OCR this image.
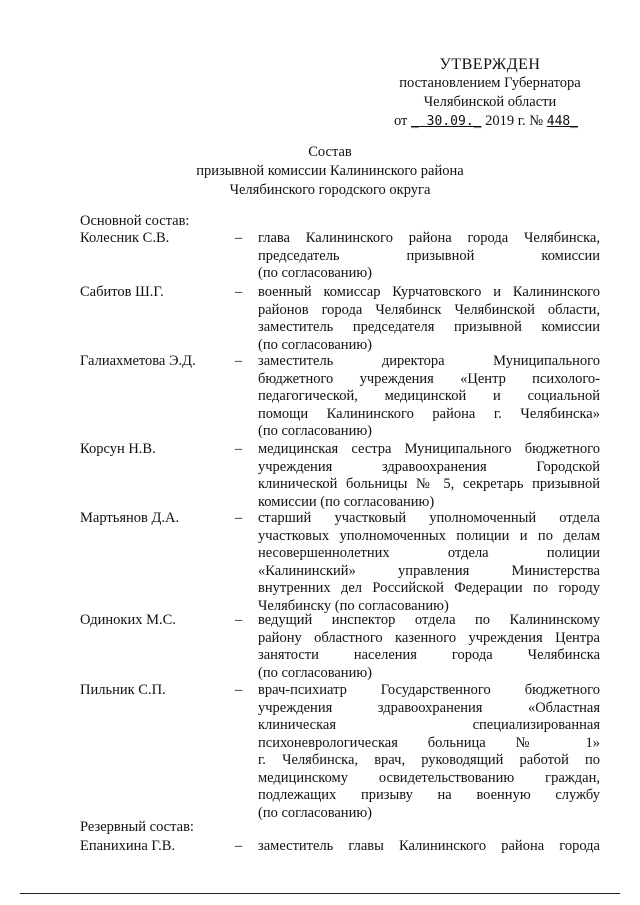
УТВЕРЖДЕН
постановлением Губернатора
Челябинской области
от _ 30.09._ 2019 г. № 448_
Состав
призывной комиссии Калининского района
Челябинского городского округа
Основной состав:
Колесник С.В.	– глава Калининского района города Челябинска,
председатель призывной комиссии
(по согласованию)
Сабитов Ш.Г.	– военный комиссар Курчатовского и Калининского
районов города Челябинск Челябинской области,
заместитель председателя призывной комиссии
(по согласованию)
Галиахметова Э.Д.	– заместитель директора Муниципального
бюджетного учреждения «Центр психолого-
педагогической, медицинской и социальной
помощи Калининского района г. Челябинска»
(по согласованию)
Корсун Н.В.	– медицинская сестра Муниципального бюджетного
учреждения здравоохранения Городской
клинической больницы № 5, секретарь призывной
комиссии (по согласованию)
Мартьянов Д.А.	– старший участковый уполномоченный отдела
участковых уполномоченных полиции и по делам
несовершеннолетних отдела полиции
«Калининский» управления Министерства
внутренних дел Российской Федерации по городу
Челябинску (по согласованию)
Одиноких М.С.	– ведущий инспектор отдела по Калининскому
району областного казенного учреждения Центра
занятости населения города Челябинска
(по согласованию)
Пильник С.П.	– врач-психиатр Государственного бюджетного
учреждения здравоохранения «Областная
клиническая специализированная
психоневрологическая больница № 1»
г. Челябинска, врач, руководящий работой по
медицинскому освидетельствованию граждан,
подлежащих призыву на военную службу
(по согласованию)
Резервный состав:
Епанихина Г.В.	– заместитель главы Калининского района города
